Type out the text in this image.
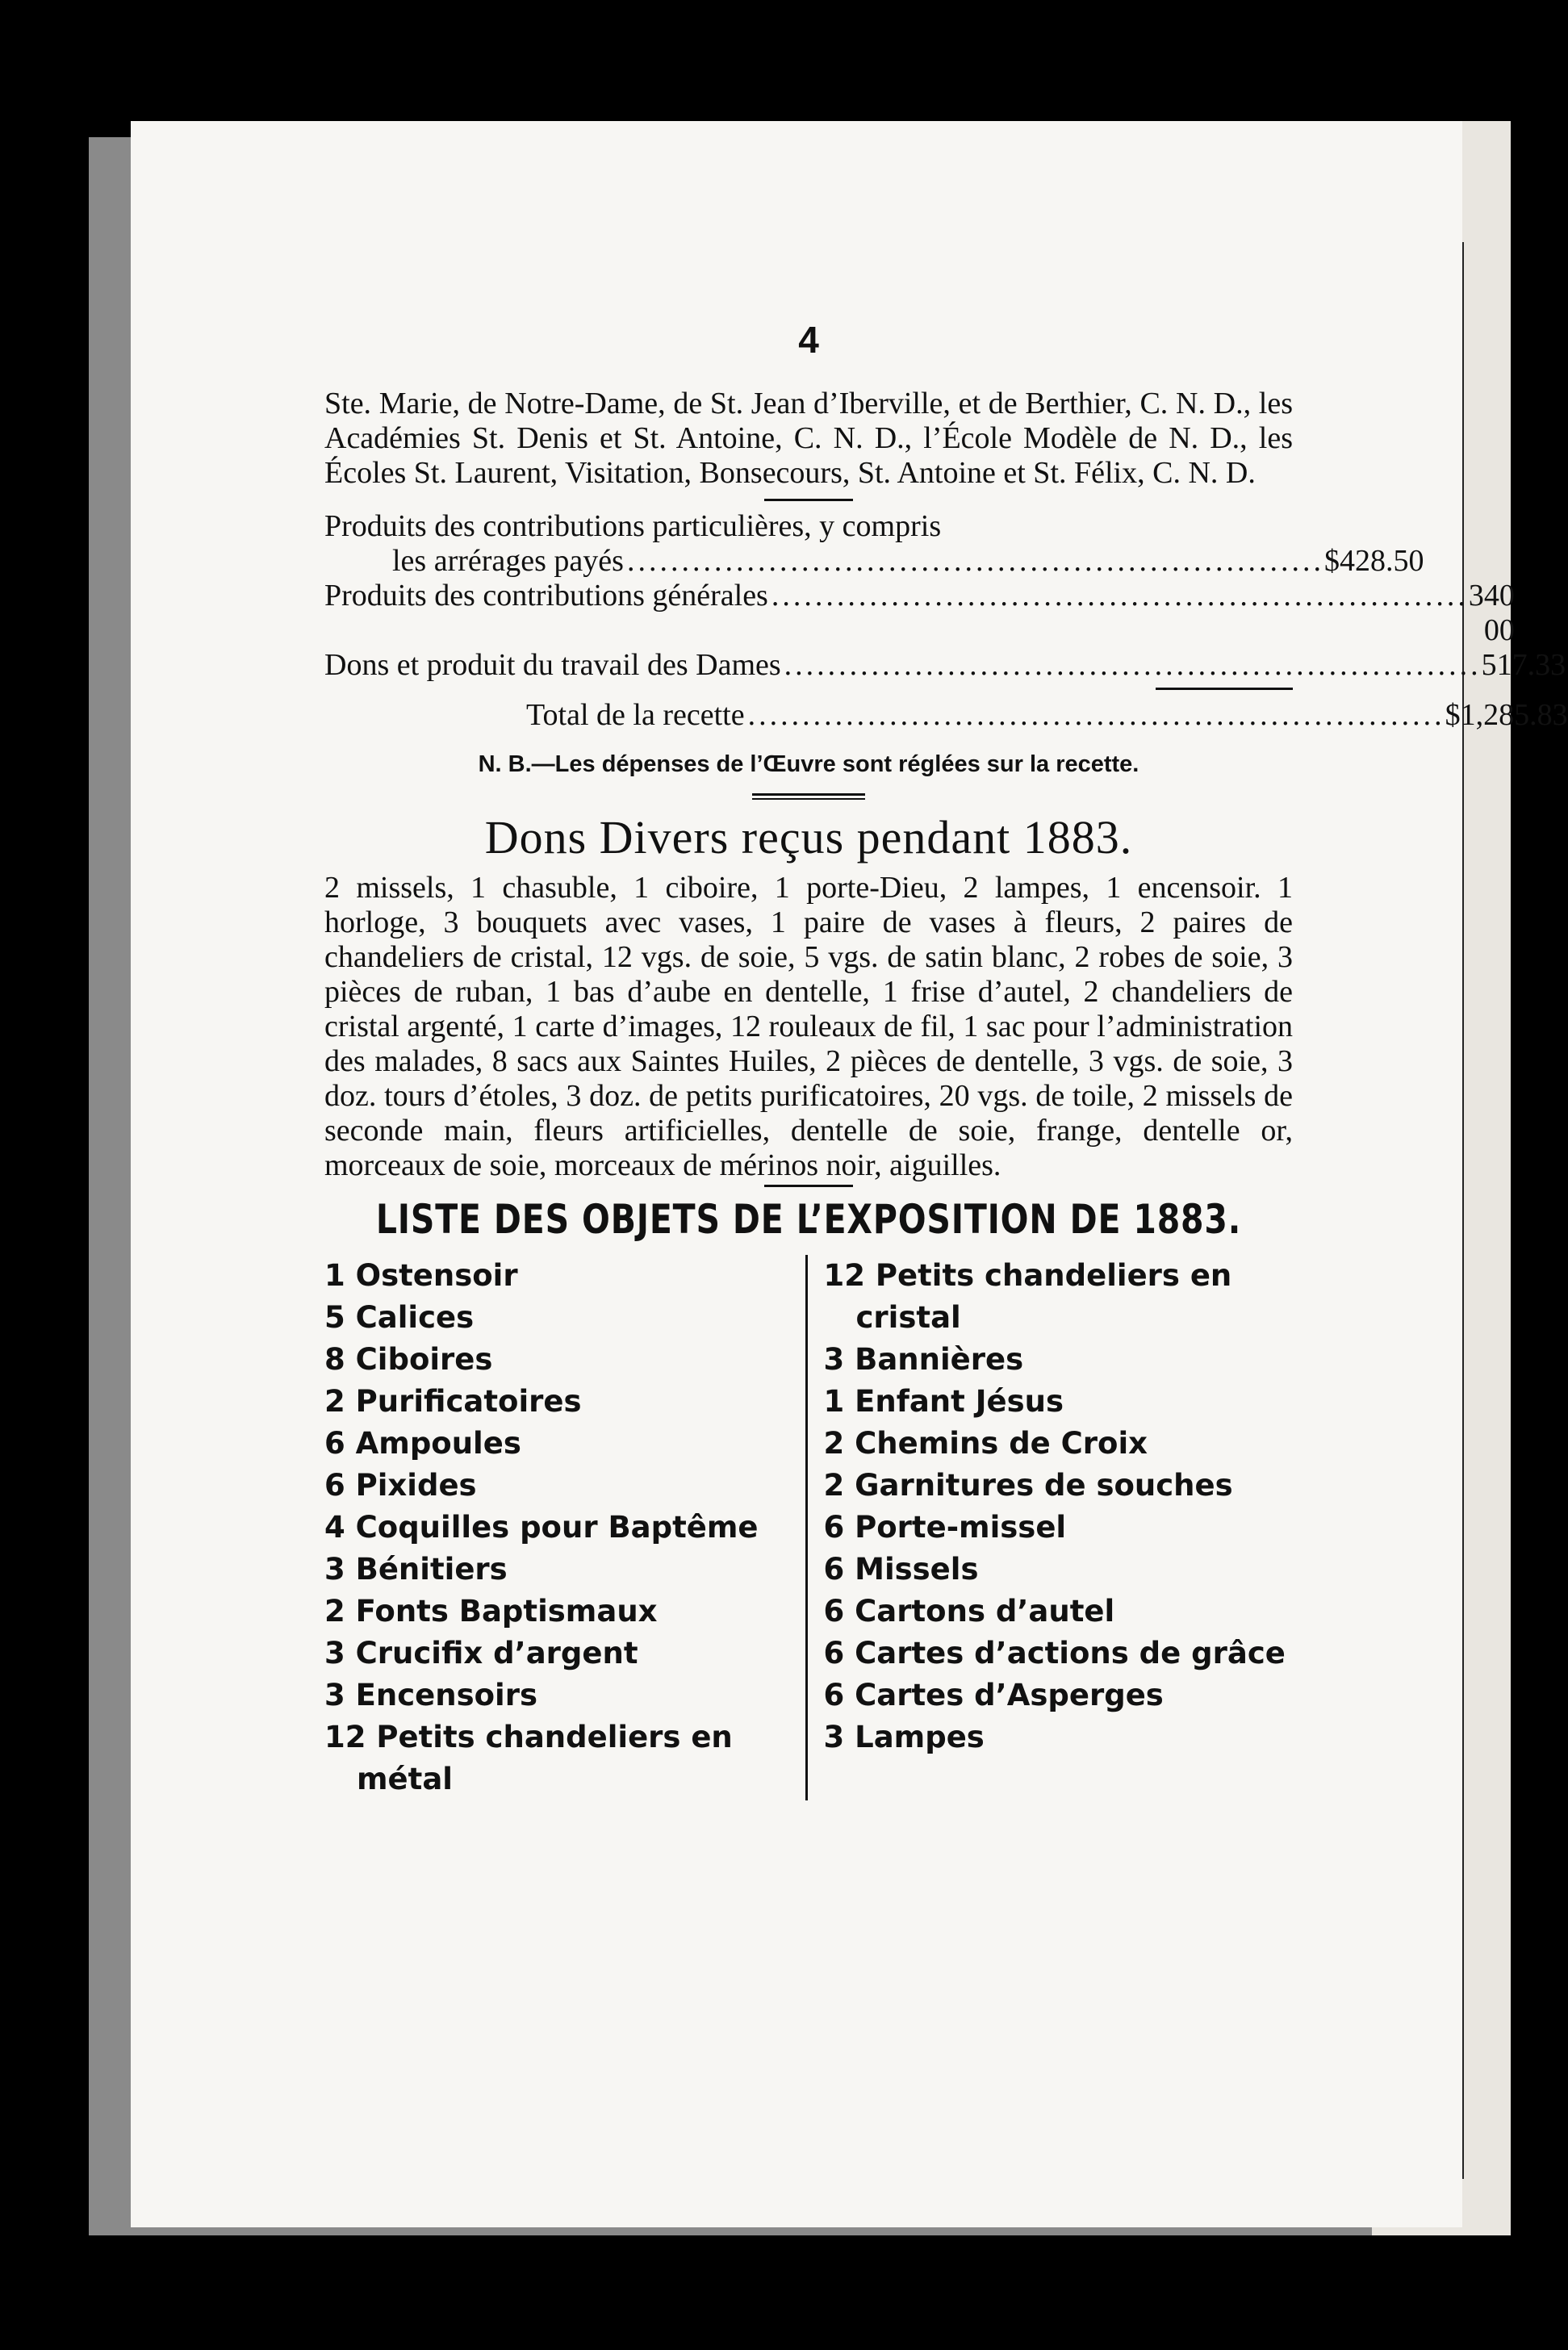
4
Ste. Marie, de Notre-Dame, de St. Jean d’Iberville, et de Berthier, C. N. D., les Académies St. Denis et St. Antoine, C. N. D., l’École Modèle de N. D., les Écoles St. Laurent, Visitation, Bonsecours, St. Antoine et St. Félix, C. N. D.
Produits des contributions particulières, y compris
les arrérages payés ................................................................ $428.50
Produits des contributions générales ................................................................ 340 00
Dons et produit du travail des Dames ................................................................ 517.33
Total de la recette ................................................................ $1,285.83
N. B.—Les dépenses de l’Œuvre sont réglées sur la recette.
Dons Divers reçus pendant 1883.
2 missels, 1 chasuble, 1 ciboire, 1 porte-Dieu, 2 lampes, 1 encensoir. 1 horloge, 3 bouquets avec vases, 1 paire de vases à fleurs, 2 paires de chandeliers de cristal, 12 vgs. de soie, 5 vgs. de satin blanc, 2 robes de soie, 3 pièces de ruban, 1 bas d’aube en dentelle, 1 frise d’autel, 2 chandeliers de cristal argenté, 1 carte d’images, 12 rouleaux de fil, 1 sac pour l’administration des malades, 8 sacs aux Saintes Huiles, 2 pièces de dentelle, 3 vgs. de soie, 3 doz. tours d’étoles, 3 doz. de petits purificatoires, 20 vgs. de toile, 2 missels de seconde main, fleurs artificielles, dentelle de soie, frange, dentelle or, morceaux de soie, morceaux de mérinos noir, aiguilles.
LISTE DES OBJETS DE L’EXPOSITION DE 1883.
1 Ostensoir
5 Calices
8 Ciboires
2 Purificatoires
6 Ampoules
6 Pixides
4 Coquilles pour Baptême
3 Bénitiers
2 Fonts Baptismaux
3 Crucifix d’argent
3 Encensoirs
12 Petits chandeliers en métal
12 Petits chandeliers en cristal
3 Bannières
1 Enfant Jésus
2 Chemins de Croix
2 Garnitures de souches
6 Porte-missel
6 Missels
6 Cartons d’autel
6 Cartes d’actions de grâce
6 Cartes d’Asperges
3 Lampes
